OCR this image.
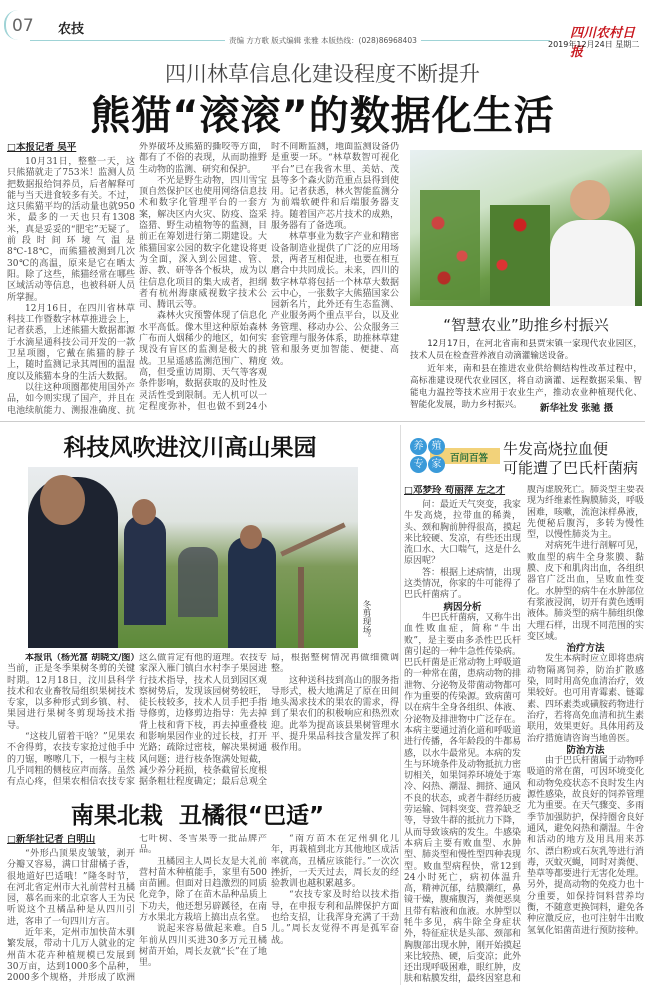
07 农技
责编 方方歌 版式编辑 张雅 本版热线：(028)86968403	四川农村日报
2019年12月24日 星期二
四川林草信息化建设程度不断提升
熊猫“滚滚”的数据化生活
□本报记者 吴平

10月31日，整整一天，这只熊猫就走了753米！监测人员把数据报给饲养员，后者解释可能与当天进食较多有关。不过，这只熊猫平均的活动量也就950米，最多的一天也只有1308米，真是妥妥的“肥宅”无疑了。前段时间环境气温是8℃-18℃，而熊猫被测到几次30℃的高温，原来是它在晒太阳。除了这些，熊猫经常在哪些区域活动等信息，也被科研人员所掌握。

12月16日，在四川省林草科技工作暨数字林草推进会上，记者获悉，上述熊猫大数据都源于水滴星通科技公司开发的一款卫星项圈，它戴在熊猫的脖子上，随时监测记录其周围的温湿度以及熊猫本身的生活大数据。

以往这种项圈都使用国外产品，如今则实现了国产，并且在电池续航能力、测报准确度、抗外界破坏及熊猫的撕咬等方面，都有了不俗的表现，从而助推野生动物的监测、研究和保护。

不光是野生动物，四川雪宝顶自然保护区也使用网络信息技术和数字化管理平台的一套方案，解决区内火灾、防疫、盗采盗猎、野生动植物等的监测，目前正在筹划进行第二期建设。大熊猫国家公园的数字化建设将更为全面，深入到公园建、管、游、教、研等各个板块，成为以往信息化项目的集大成者，担纲者有杭州海康威视数字技术公司、腾讯云等。

森林火灾预警体现了信息化水平高低。像木里这种原始森林广布而人烟稀少的地区，如何实现没有盲区的监测是极大的挑战。卫星遥感监测范围广、精度高，但受重访周期、天气等客观条件影响，数据获取的及时性及灵活性受到限制。无人机可以一定程度弥补，但也做不到24小时不间断监测，地面监测设备仍是重要一环。“林草数智可视化平台”已在我省木里、美姑、茂县等多个森火防范重点县得到使用。记者获悉，林火智能监测分为前端软硬件和后端服务器支持。随着国产芯片技术的成熟，服务器有了备选项。

林草事业为数字产业和精密设备制造业提供了广泛的应用场景，两者互相促进，也要在相互磨合中共同成长。未来，四川的数字林草将包括一个林草大数据云中心，一张数字大熊猫国家公园新名片，此外还有生态监测、产业服务两个重点平台，以及业务管理、移动办公、公众服务三套管理与服务体系，助推林草建管和服务更加智能、便捷、高效。

“智慧农业”助推乡村振兴

12月17日，在河北省南和县贾宋镇一家现代农业园区，技术人员在检查营养液自动滴灌输送设备。

近年来，南和县在推进农业供给侧结构性改革过程中，高标准建设现代农业园区，将自动滴灌、远程数据采集、智能电力温控等技术应用于农业生产，推动农业种植现代化、智能化发展，助力乡村振兴。	新华社发 张驰 摄
科技风吹进汶川高山果园
冬剪现场。

本报讯（杨光富 胡晓文/图）当前，正是冬季果树冬剪的关键时期。12月18日，汶川县科学技术和农业畜牧局组织果树技术专家，以多种形式到乡镇、村、果园进行果树冬剪现场技术指导。

“这枝儿留着干啥？”见果农不舍得剪，农技专家抢过他手中的刀锯，嚓嚓几下，一根与主枝几乎同粗的侧枝应声而落。虽然有点心疼，但果农相信农技专家这么做肯定有他的道理。农技专家深入雁门镇白水村李子果园进行技术指导，技术人员到园区观察树势后，发现该园树势较旺，徒长枝较多，技术人员手把手指导修剪，边修剪边指导：先去掉背上枝和背下枝，再去掉重叠枝和影响果园作业的过长枝，打开光路；疏除过密枝，解决果树通风问题；进行枝条饱满处短截，减少养分耗损，枝条截留长度根据条粗壮程度确定；最后总观全局，根据整树情况再做细微调整。

这种送科技到高山的服务指导形式，极大地满足了原在田间地头渴求技术的果农的需求，得到了果农们的积极响应和热烈欢迎。此举为提高该县果树管理水平、提升果品科技含量发挥了积极作用。

南果北栽  丑橘很“巴适”
□新华社记者 白明山

“外形凸顶果皮皱皱，剥开分瓣又容易，满口甘甜橘子香，很地道好巴适哦！”隆冬时节，在河北省定州市大礼前营村丑橘园，慕名而来的北京客人王为民听说这个丑橘品种是从四川引进，客串了一句四川方言。

近年来，定州市加快苗木驯繁发展，带动十几万人就业的定州苗木花卉种植规模已发展到30万亩，达到1000多个品种，2000多个规格，并形成了欧洲七叶树、冬雪果等一批品牌产品。

丑橘园主人周长友是大礼前营村苗木种植能手，家里有500亩苗圃。但面对日趋激烈的同质化竞争，除了在苗木品种品质上下功夫，他还想另辟蹊径，在南方水果北方栽培上搞出点名堂。

说起来容易做起来难。自5年前从四川买进30多万元丑橘树苗开始，周长友就“长”在了地里。

“南方苗木在定州驯化几年，再栽植到北方其他地区成活率就高，丑橘应该能行。”一次次挫折，一天天过去，周长友的经验教训也越积累越多。

“农技专家及时给以技术指导，在申报专利和品牌保护方面也给支招，让我浑身充满了干劲儿。”周长友觉得不再是孤军奋战。

百问百答
养 殖
专 家
牛发高烧拉血便
可能遭了巴氏杆菌病
□邓梦玲 苟丽萍 左之才

问：最近天气突变，我家牛发高烧，拉带血的稀粪，头、颈和胸前肿得很高，摸起来比较硬、发凉，有些还出现流口水、大口喘气，这是什么原因呢？

答：根据上述病情，出现这类情况，你家的牛可能得了巴氏杆菌病了。

病因分析

牛巴氏杆菌病，又称牛出血性败血症，简称“牛出败”，是主要由多杀性巴氏杆菌引起的一种牛急性传染病。巴氏杆菌是正常动物上呼吸道的一种常在菌，患病动物的排泄物、分泌物及带菌动物都可作为重要的传染源。致病菌可以在病牛全身各组织、体液、分泌物及排泄物中广泛存在。本病主要通过消化道和呼吸道进行传播，各年龄段的牛都易感，以水牛最常见。本病的发生与环境条件及动物抵抗力密切相关，如果饲养环境处于寒冷、闷热、潮湿、拥挤、通风不良的状态，或者牛群经历疲劳运输、饲料突变、营养缺乏等，导致牛群的抵抗力下降，从而导致该病的发生。牛感染本病后主要有败血型、水肿型、肺炎型和慢性型四种表现型。败血型病程快，常12到24小时死亡，病初体温升高，精神沉郁，结膜潮红，鼻镜干燥，腹痛腹泻，粪便恶臭且带有粘液和血液。水肿型以牦牛多见，病牛除全身症状外，特征症状是头部、颈部和胸腹部出现水肿，刚开始摸起来比较热、硬，后变凉；此外还出现呼吸困难，眼红肿，皮肤和粘膜发绀，最终因窒息和腹泻虚脱死亡。肺炎型主要表现为纤维素性胸膜肺炎，呼吸困难，咳嗽，流泡沫样鼻液，先便秘后腹泻，多转为慢性型，以慢性肺炎为主。

对病死牛进行剖解可见，败血型的病牛全身浆膜、黏膜、皮下和肌肉出血，各组织器官广泛出血，呈败血性变化。水肿型的病牛在水肿部位有浆液浸润，切开有黄色透明液体。肺炎型的病牛肺组织像大理石样，出现不同范围的实变区域。

治疗方法

发生本病时应立即将患病动物隔离饲养，防治扩散感染，同时用高免血清治疗，效果较好。也可用青霉素、链霉素、四环素类或磺胺药物进行治疗，若将高免血清和抗生素联用，效果更好。具体用药及治疗措施请咨询当地兽医。

防治方法

由于巴氏杆菌属于动物呼吸道的常在菌，可因环境变化和动物免疫状态不良时发生内源性感染，故良好的饲养管理尤为重要。在天气骤变、多雨季节加强防护，保持圈舍良好通风，避免闷热和潮湿。牛舍和活动的地方及用具用来苏尔、漂白粉或石灰乳等进行消毒，灭蚊灭蝇，同时对粪便、垫草等都要进行无害化处理。另外，提高动物的免疫力也十分重要，如保持饲料营养均衡，不随意更换饲料，避免各种应激反应，也可注射牛出败氢氧化铝菌苗进行预防接种。
